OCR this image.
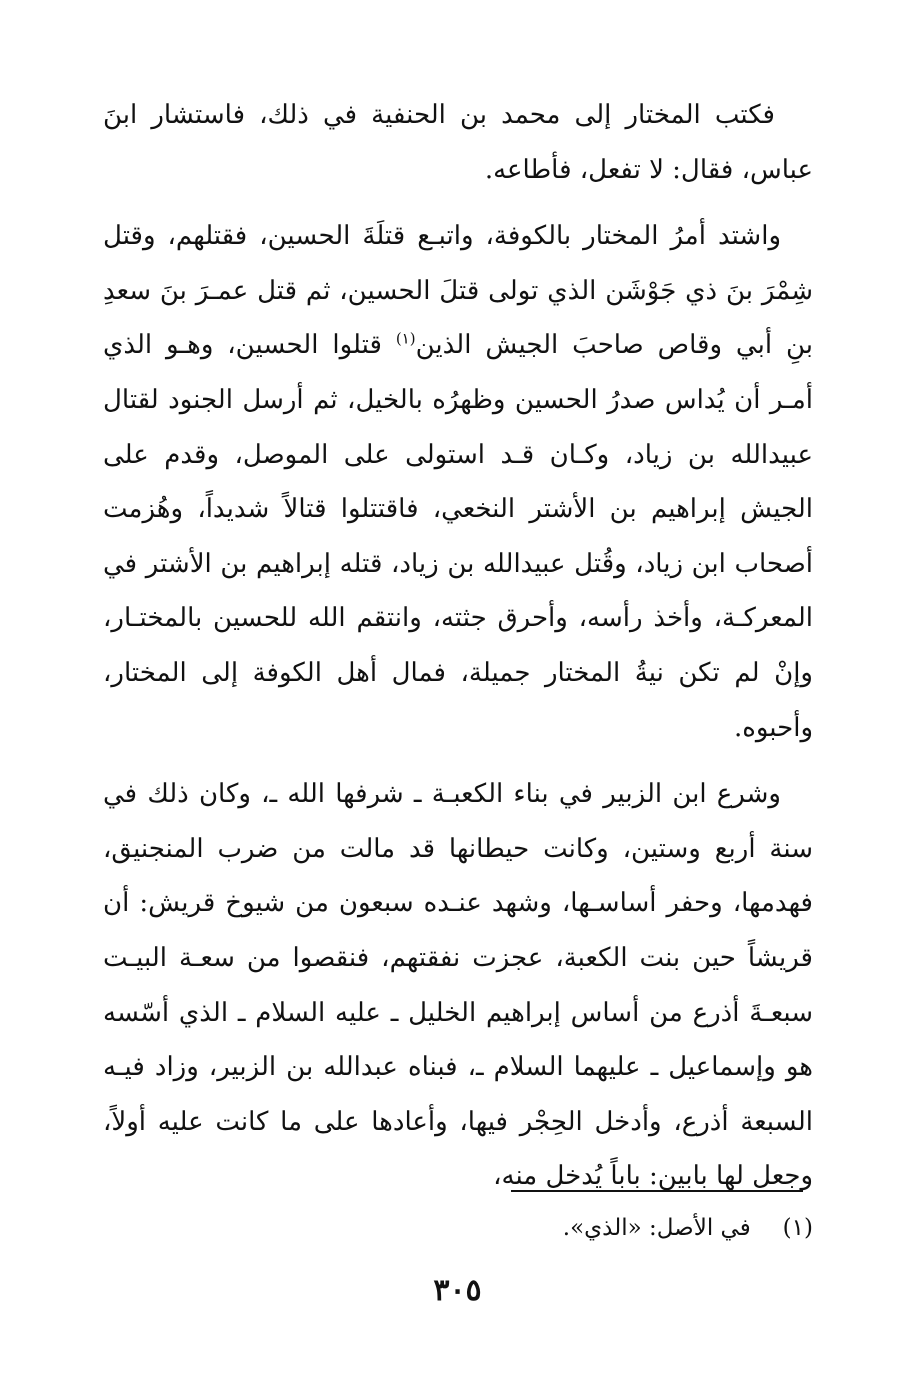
فكتب المختار إلى محمد بن الحنفية في ذلك، فاستشار ابنَ عباس، فقال: لا تفعل، فأطاعه.

واشتد أمرُ المختار بالكوفة، واتبـع قتلَةَ الحسين، فقتلهم، وقتل شِمْرَ بنَ ذي جَوْشَن الذي تولى قتلَ الحسين، ثم قتل عمـرَ بنَ سعدِ بنِ أبي وقاص صاحبَ الجيش الذين$^{(١)}$ قتلوا الحسين، وهـو الذي أمـر أن يُداس صدرُ الحسين وظهرُه بالخيل، ثم أرسل الجنود لقتال عبيدالله بن زياد، وكـان قـد استولى على الموصل، وقدم على الجيش إبراهيم بن الأشتر النخعي، فاقتتلوا قتالاً شديداً، وهُزمت أصحاب ابن زياد، وقُتل عبيدالله بن زياد، قتله إبراهيم بن الأشتر في المعركـة، وأخذ رأسه، وأحرق جثته، وانتقم الله للحسين بالمختـار، وإنْ لم تكن نيةُ المختار جميلة، فمال أهل الكوفة إلى المختار، وأحبوه.

وشرع ابن الزبير في بناء الكعبـة ـ شرفها الله ـ، وكان ذلك في سنة أربع وستين، وكانت حيطانها قد مالت من ضرب المنجنيق، فهدمها، وحفر أساسـها، وشهد عنـده سبعون من شيوخ قريش: أن قريشاً حين بنت الكعبة، عجزت نفقتهم، فنقصوا من سعـة البيـت سبعـةَ أذرع من أساس إبراهيم الخليل ـ عليه السلام ـ الذي أسّسه هو وإسماعيل ـ عليهما السلام ـ، فبناه عبدالله بن الزبير، وزاد فيـه السبعة أذرع، وأدخل الحِجْر فيها، وأعادها على ما كانت عليه أولاً، وجعل لها بابين: باباً يُدخل منه،

(١) في الأصل: «الذي».
٣٠٥
